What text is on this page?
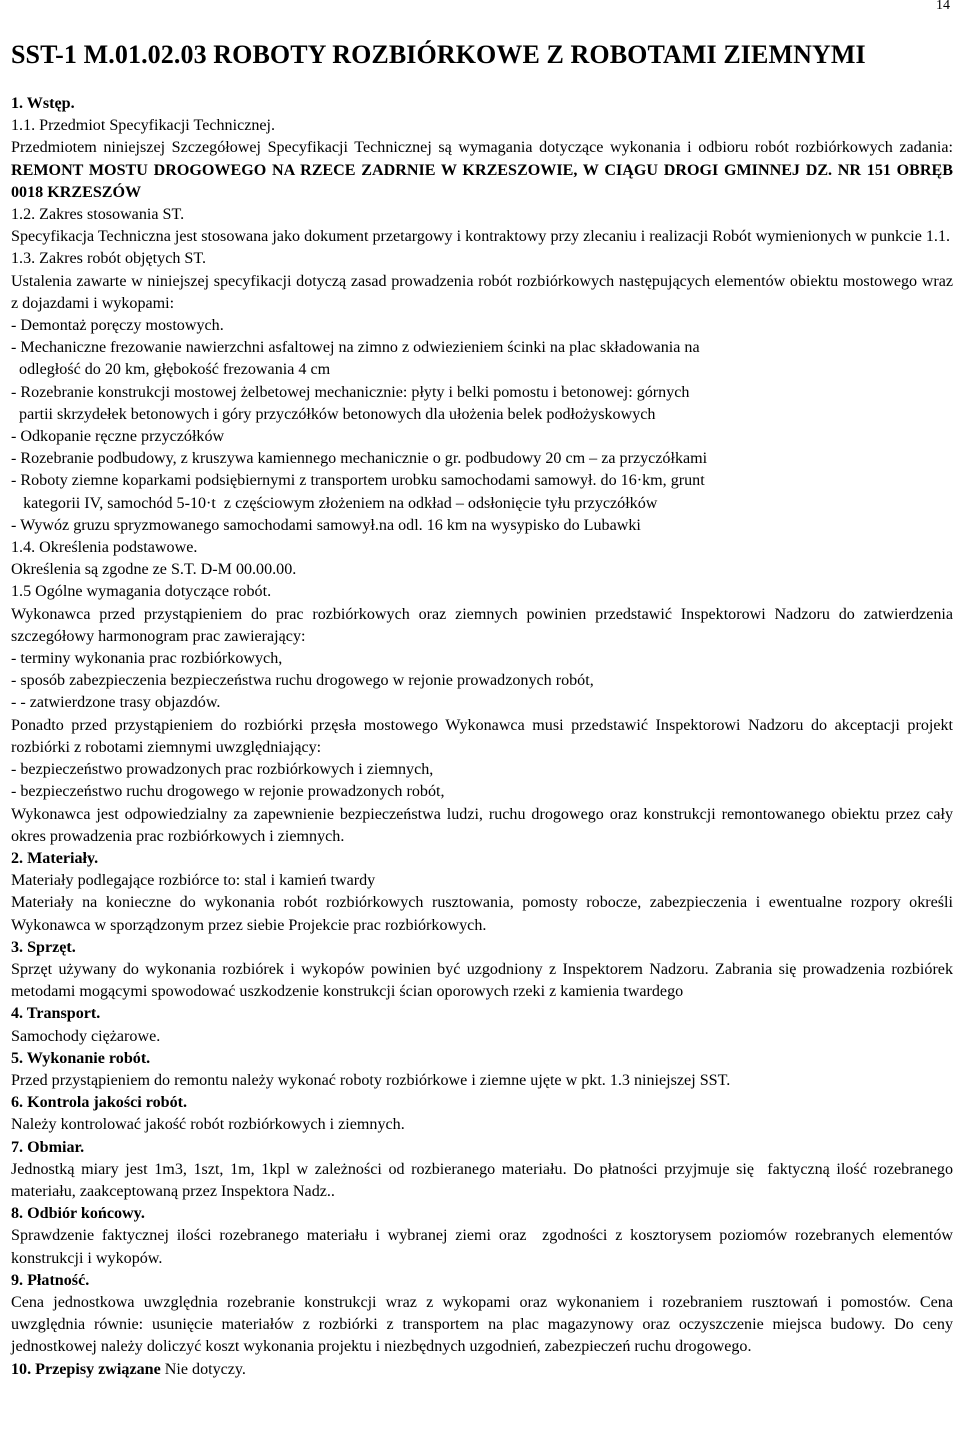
14
SST-1 M.01.02.03 ROBOTY ROZBIÓRKOWE Z ROBOTAMI ZIEMNYMI

1. Wstęp.

1.1. Przedmiot Specyfikacji Technicznej.

Przedmiotem niniejszej Szczegółowej Specyfikacji Technicznej są wymagania dotyczące wykonania i odbioru robót rozbiórkowych zadania: REMONT MOSTU DROGOWEGO NA RZECE ZADRNIE W KRZESZOWIE, W CIĄGU DROGI GMINNEJ DZ. NR 151 OBRĘB 0018 KRZESZÓW

1.2. Zakres stosowania ST.

Specyfikacja Techniczna jest stosowana jako dokument przetargowy i kontraktowy przy zlecaniu i realizacji Robót wymienionych w punkcie 1.1.

1.3. Zakres robót objętych ST.

Ustalenia zawarte w niniejszej specyfikacji dotyczą zasad prowadzenia robót rozbiórkowych następujących elementów obiektu mostowego wraz z dojazdami i wykopami:

- Demontaż poręczy mostowych.

- Mechaniczne frezowanie nawierzchni asfaltowej na zimno z odwiezieniem ścinki na plac składowania na

odległość do 20 km, głębokość frezowania 4 cm

- Rozebranie konstrukcji mostowej żelbetowej mechanicznie: płyty i belki pomostu i betonowej: górnych

partii skrzydełek betonowych i góry przyczółków betonowych dla ułożenia belek podłożyskowych

- Odkopanie ręczne przyczółków

- Rozebranie podbudowy, z kruszywa kamiennego mechanicznie o gr. podbudowy 20 cm – za przyczółkami

- Roboty ziemne koparkami podsiębiernymi z transportem urobku samochodami samowył. do 16·km, grunt

kategorii IV, samochód 5-10·t  z częściowym złożeniem na odkład – odsłonięcie tyłu przyczółków

- Wywóz gruzu spryzmowanego samochodami samowył.na odl. 16 km na wysypisko do Lubawki

1.4. Określenia podstawowe.

Określenia są zgodne ze S.T. D-M 00.00.00.

1.5 Ogólne wymagania dotyczące robót.

Wykonawca przed przystąpieniem do prac rozbiórkowych oraz ziemnych powinien przedstawić Inspektorowi Nadzoru do zatwierdzenia szczegółowy harmonogram prac zawierający:

- terminy wykonania prac rozbiórkowych,

- sposób zabezpieczenia bezpieczeństwa ruchu drogowego w rejonie prowadzonych robót,

- - zatwierdzone trasy objazdów.

Ponadto przed przystąpieniem do rozbiórki przęsła mostowego Wykonawca musi przedstawić Inspektorowi Nadzoru do akceptacji projekt rozbiórki z robotami ziemnymi uwzględniający:

- bezpieczeństwo prowadzonych prac rozbiórkowych i ziemnych,

- bezpieczeństwo ruchu drogowego w rejonie prowadzonych robót,

Wykonawca jest odpowiedzialny za zapewnienie bezpieczeństwa ludzi, ruchu drogowego oraz konstrukcji remontowanego obiektu przez cały okres prowadzenia prac rozbiórkowych i ziemnych.

2. Materiały.

Materiały podlegające rozbiórce to: stal i kamień twardy

Materiały na konieczne do wykonania robót rozbiórkowych rusztowania, pomosty robocze, zabezpieczenia i ewentualne rozpory określi Wykonawca w sporządzonym przez siebie Projekcie prac rozbiórkowych.

3. Sprzęt.

Sprzęt używany do wykonania rozbiórek i wykopów powinien być uzgodniony z Inspektorem Nadzoru. Zabrania się prowadzenia rozbiórek metodami mogącymi spowodować uszkodzenie konstrukcji ścian oporowych rzeki z kamienia twardego

4. Transport.

Samochody ciężarowe.

5. Wykonanie robót.

Przed przystąpieniem do remontu należy wykonać roboty rozbiórkowe i ziemne ujęte w pkt. 1.3 niniejszej SST.

6. Kontrola jakości robót.

Należy kontrolować jakość robót rozbiórkowych i ziemnych.

7. Obmiar.

Jednostką miary jest 1m3, 1szt, 1m, 1kpl w zależności od rozbieranego materiału. Do płatności przyjmuje się  faktyczną ilość rozebranego materiału, zaakceptowaną przez Inspektora Nadz..

8. Odbiór końcowy.

Sprawdzenie faktycznej ilości rozebranego materiału i wybranej ziemi oraz  zgodności z kosztorysem poziomów rozebranych elementów konstrukcji i wykopów.

9. Płatność.

Cena jednostkowa uwzględnia rozebranie konstrukcji wraz z wykopami oraz wykonaniem i rozebraniem rusztowań i pomostów. Cena uwzględnia równie: usunięcie materiałów z rozbiórki z transportem na plac magazynowy oraz oczyszczenie miejsca budowy. Do ceny jednostkowej należy doliczyć koszt wykonania projektu i niezbędnych uzgodnień, zabezpieczeń ruchu drogowego.

10. Przepisy związane Nie dotyczy.
